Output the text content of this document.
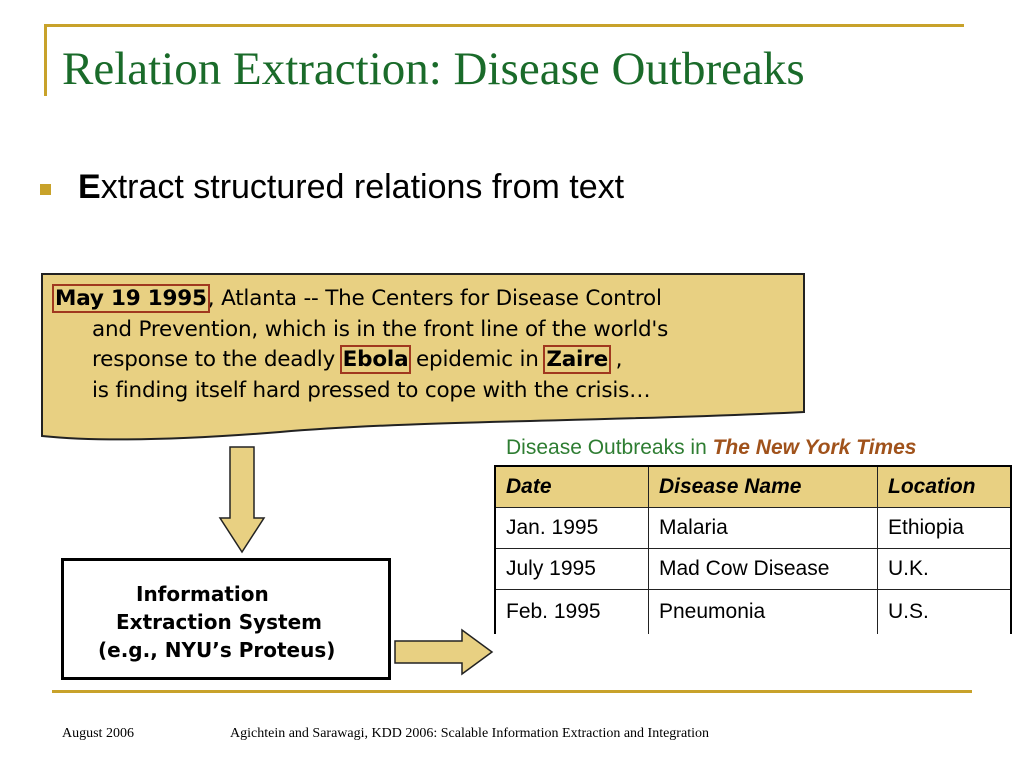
Relation Extraction: Disease Outbreaks
Extract structured relations from text
May 19 1995, Atlanta -- The Centers for Disease Control
and Prevention, which is in the front line of the world's
response to the deadly Ebola epidemic in Zaire ,
is finding itself hard pressed to cope with the crisis…
Information
Extraction System
(e.g., NYU’s Proteus)
Disease Outbreaks in The New York Times
Date	Disease Name	Location
Jan. 1995	Malaria	Ethiopia
July 1995	Mad Cow Disease	U.K.
Feb. 1995	Pneumonia	U.S.
August 2006	Agichtein and Sarawagi, KDD 2006: Scalable Information Extraction and Integration
